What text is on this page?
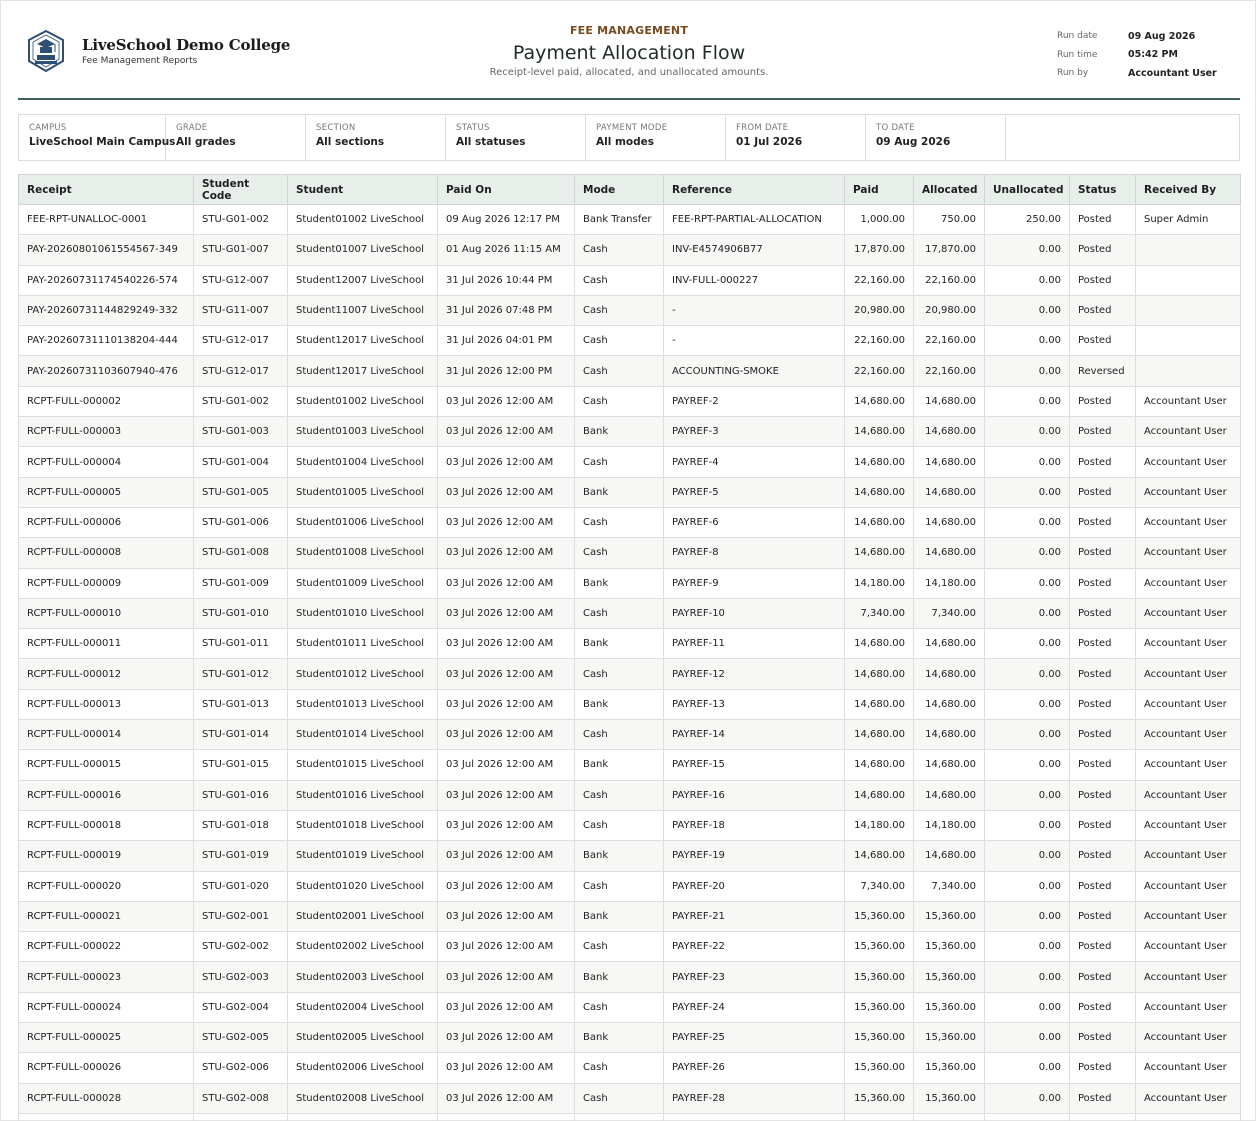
LiveSchool Demo College
Fee Management Reports
FEE MANAGEMENT
Payment Allocation Flow
Receipt-level paid, allocated, and unallocated amounts.
Run date	09 Aug 2026
Run time	05:42 PM
Run by	Accountant User
CAMPUS
LiveSchool Main Campus
GRADE
All grades
SECTION
All sections
STATUS
All statuses
PAYMENT MODE
All modes
FROM DATE
01 Jul 2026
TO DATE
09 Aug 2026
Receipt	Student Code	Student	Paid On	Mode	Reference	Paid	Allocated	Unallocated	Status	Received By
FEE-RPT-UNALLOC-0001	STU-G01-002	Student01002 LiveSchool	09 Aug 2026 12:17 PM	Bank Transfer	FEE-RPT-PARTIAL-ALLOCATION	1,000.00	750.00	250.00	Posted	Super Admin
PAY-20260801061554567-349	STU-G01-007	Student01007 LiveSchool	01 Aug 2026 11:15 AM	Cash	INV-E4574906B77	17,870.00	17,870.00	0.00	Posted	
PAY-20260731174540226-574	STU-G12-007	Student12007 LiveSchool	31 Jul 2026 10:44 PM	Cash	INV-FULL-000227	22,160.00	22,160.00	0.00	Posted	
PAY-20260731144829249-332	STU-G11-007	Student11007 LiveSchool	31 Jul 2026 07:48 PM	Cash	-	20,980.00	20,980.00	0.00	Posted	
PAY-20260731110138204-444	STU-G12-017	Student12017 LiveSchool	31 Jul 2026 04:01 PM	Cash	-	22,160.00	22,160.00	0.00	Posted	
PAY-20260731103607940-476	STU-G12-017	Student12017 LiveSchool	31 Jul 2026 12:00 PM	Cash	ACCOUNTING-SMOKE	22,160.00	22,160.00	0.00	Reversed	
RCPT-FULL-000002	STU-G01-002	Student01002 LiveSchool	03 Jul 2026 12:00 AM	Cash	PAYREF-2	14,680.00	14,680.00	0.00	Posted	Accountant User
RCPT-FULL-000003	STU-G01-003	Student01003 LiveSchool	03 Jul 2026 12:00 AM	Bank	PAYREF-3	14,680.00	14,680.00	0.00	Posted	Accountant User
RCPT-FULL-000004	STU-G01-004	Student01004 LiveSchool	03 Jul 2026 12:00 AM	Cash	PAYREF-4	14,680.00	14,680.00	0.00	Posted	Accountant User
RCPT-FULL-000005	STU-G01-005	Student01005 LiveSchool	03 Jul 2026 12:00 AM	Bank	PAYREF-5	14,680.00	14,680.00	0.00	Posted	Accountant User
RCPT-FULL-000006	STU-G01-006	Student01006 LiveSchool	03 Jul 2026 12:00 AM	Cash	PAYREF-6	14,680.00	14,680.00	0.00	Posted	Accountant User
RCPT-FULL-000008	STU-G01-008	Student01008 LiveSchool	03 Jul 2026 12:00 AM	Cash	PAYREF-8	14,680.00	14,680.00	0.00	Posted	Accountant User
RCPT-FULL-000009	STU-G01-009	Student01009 LiveSchool	03 Jul 2026 12:00 AM	Bank	PAYREF-9	14,180.00	14,180.00	0.00	Posted	Accountant User
RCPT-FULL-000010	STU-G01-010	Student01010 LiveSchool	03 Jul 2026 12:00 AM	Cash	PAYREF-10	7,340.00	7,340.00	0.00	Posted	Accountant User
RCPT-FULL-000011	STU-G01-011	Student01011 LiveSchool	03 Jul 2026 12:00 AM	Bank	PAYREF-11	14,680.00	14,680.00	0.00	Posted	Accountant User
RCPT-FULL-000012	STU-G01-012	Student01012 LiveSchool	03 Jul 2026 12:00 AM	Cash	PAYREF-12	14,680.00	14,680.00	0.00	Posted	Accountant User
RCPT-FULL-000013	STU-G01-013	Student01013 LiveSchool	03 Jul 2026 12:00 AM	Bank	PAYREF-13	14,680.00	14,680.00	0.00	Posted	Accountant User
RCPT-FULL-000014	STU-G01-014	Student01014 LiveSchool	03 Jul 2026 12:00 AM	Cash	PAYREF-14	14,680.00	14,680.00	0.00	Posted	Accountant User
RCPT-FULL-000015	STU-G01-015	Student01015 LiveSchool	03 Jul 2026 12:00 AM	Bank	PAYREF-15	14,680.00	14,680.00	0.00	Posted	Accountant User
RCPT-FULL-000016	STU-G01-016	Student01016 LiveSchool	03 Jul 2026 12:00 AM	Cash	PAYREF-16	14,680.00	14,680.00	0.00	Posted	Accountant User
RCPT-FULL-000018	STU-G01-018	Student01018 LiveSchool	03 Jul 2026 12:00 AM	Cash	PAYREF-18	14,180.00	14,180.00	0.00	Posted	Accountant User
RCPT-FULL-000019	STU-G01-019	Student01019 LiveSchool	03 Jul 2026 12:00 AM	Bank	PAYREF-19	14,680.00	14,680.00	0.00	Posted	Accountant User
RCPT-FULL-000020	STU-G01-020	Student01020 LiveSchool	03 Jul 2026 12:00 AM	Cash	PAYREF-20	7,340.00	7,340.00	0.00	Posted	Accountant User
RCPT-FULL-000021	STU-G02-001	Student02001 LiveSchool	03 Jul 2026 12:00 AM	Bank	PAYREF-21	15,360.00	15,360.00	0.00	Posted	Accountant User
RCPT-FULL-000022	STU-G02-002	Student02002 LiveSchool	03 Jul 2026 12:00 AM	Cash	PAYREF-22	15,360.00	15,360.00	0.00	Posted	Accountant User
RCPT-FULL-000023	STU-G02-003	Student02003 LiveSchool	03 Jul 2026 12:00 AM	Bank	PAYREF-23	15,360.00	15,360.00	0.00	Posted	Accountant User
RCPT-FULL-000024	STU-G02-004	Student02004 LiveSchool	03 Jul 2026 12:00 AM	Cash	PAYREF-24	15,360.00	15,360.00	0.00	Posted	Accountant User
RCPT-FULL-000025	STU-G02-005	Student02005 LiveSchool	03 Jul 2026 12:00 AM	Bank	PAYREF-25	15,360.00	15,360.00	0.00	Posted	Accountant User
RCPT-FULL-000026	STU-G02-006	Student02006 LiveSchool	03 Jul 2026 12:00 AM	Cash	PAYREF-26	15,360.00	15,360.00	0.00	Posted	Accountant User
RCPT-FULL-000028	STU-G02-008	Student02008 LiveSchool	03 Jul 2026 12:00 AM	Cash	PAYREF-28	15,360.00	15,360.00	0.00	Posted	Accountant User
